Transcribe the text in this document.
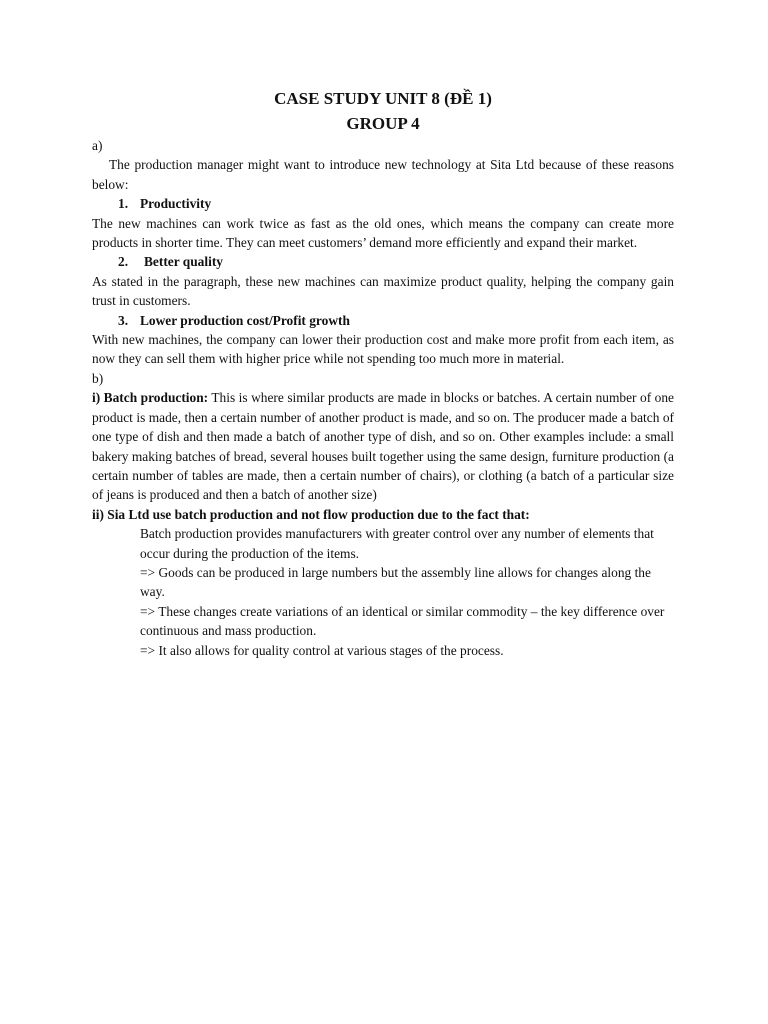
CASE STUDY UNIT 8 (ĐỀ 1)
GROUP 4

a)

The production manager might want to introduce new technology at Sita Ltd because of these reasons below:

1. Productivity

The new machines can work twice as fast as the old ones, which means the company can create more products in shorter time. They can meet customers’ demand more efficiently and expand their market.

2. Better quality

As stated in the paragraph, these new machines can maximize product quality, helping the company gain trust in customers.

3. Lower production cost/Profit growth

With new machines, the company can lower their production cost and make more profit from each item, as now they can sell them with higher price while not spending too much more in material.

b)

i) Batch production: This is where similar products are made in blocks or batches. A certain number of one product is made, then a certain number of another product is made, and so on. The producer made a batch of one type of dish and then made a batch of another type of dish, and so on. Other examples include: a small bakery making batches of bread, several houses built together using the same design, furniture production (a certain number of tables are made, then a certain number of chairs), or clothing (a batch of a particular size of jeans is produced and then a batch of another size)

ii) Sia Ltd use batch production and not flow production due to the fact that:

Batch production provides manufacturers with greater control over any number of elements that occur during the production of the items.

=> Goods can be produced in large numbers but the assembly line allows for changes along the way.

=> These changes create variations of an identical or similar commodity – the key difference over continuous and mass production.

=> It also allows for quality control at various stages of the process.
